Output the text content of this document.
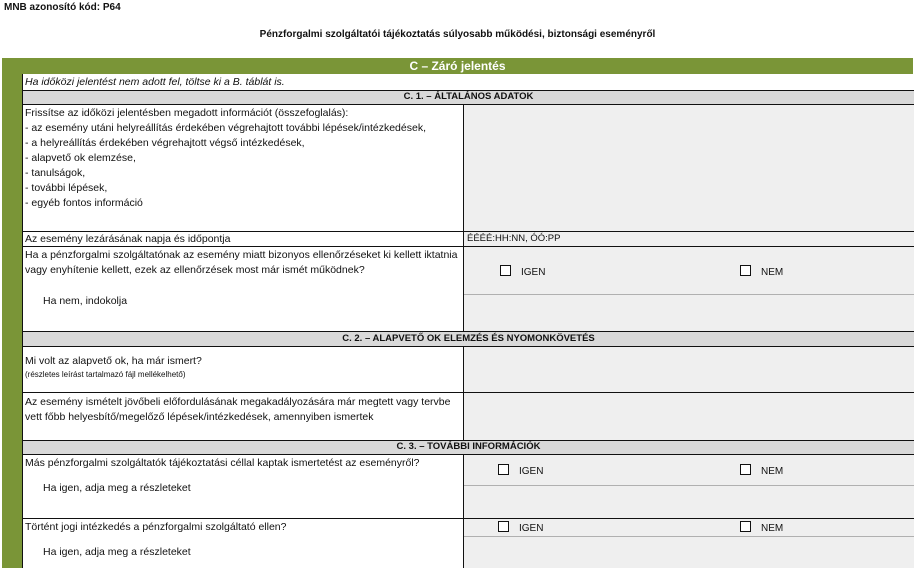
MNB azonosító kód: P64
Pénzforgalmi szolgáltatói tájékoztatás súlyosabb működési, biztonsági eseményről
C – Záró jelentés
Ha időközi jelentést nem adott fel, töltse ki a B. táblát is.
C. 1. – ÁLTALÁNOS ADATOK
Frissítse az időközi jelentésben megadott információt (összefoglalás):
- az esemény utáni helyreállítás érdekében végrehajtott további lépések/intézkedések,
- a helyreállítás érdekében végrehajtott végső intézkedések,
- alapvető ok elemzése,
- tanulságok,
- további lépések,
- egyéb fontos információ
Az esemény lezárásának napja és időpontja	ÉÉÉÉ:HH:NN, ÓÓ:PP
Ha a pénzforgalmi szolgáltatónak az esemény miatt bizonyos ellenőrzéseket ki kellett iktatnia vagy enyhítenie kellett, ezek az ellenőrzések most már ismét működnek?
Ha nem, indokolja
IGEN	NEM
C. 2. – ALAPVETŐ OK ELEMZÉS ÉS NYOMONKÖVETÉS
Mi volt az alapvető ok, ha már ismert?
(részletes leírást tartalmazó fájl mellékelhető)
Az esemény ismételt jövőbeli előfordulásának megakadályozására már megtett vagy tervbe vett főbb helyesbítő/megelőző lépések/intézkedések, amennyiben ismertek
C. 3. – TOVÁBBI INFORMÁCIÓK
Más pénzforgalmi szolgáltatók tájékoztatási céllal kaptak ismertetést az eseményről?
Ha igen, adja meg a részleteket
IGEN	NEM
Történt jogi intézkedés a pénzforgalmi szolgáltató ellen?
Ha igen, adja meg a részleteket
IGEN	NEM
